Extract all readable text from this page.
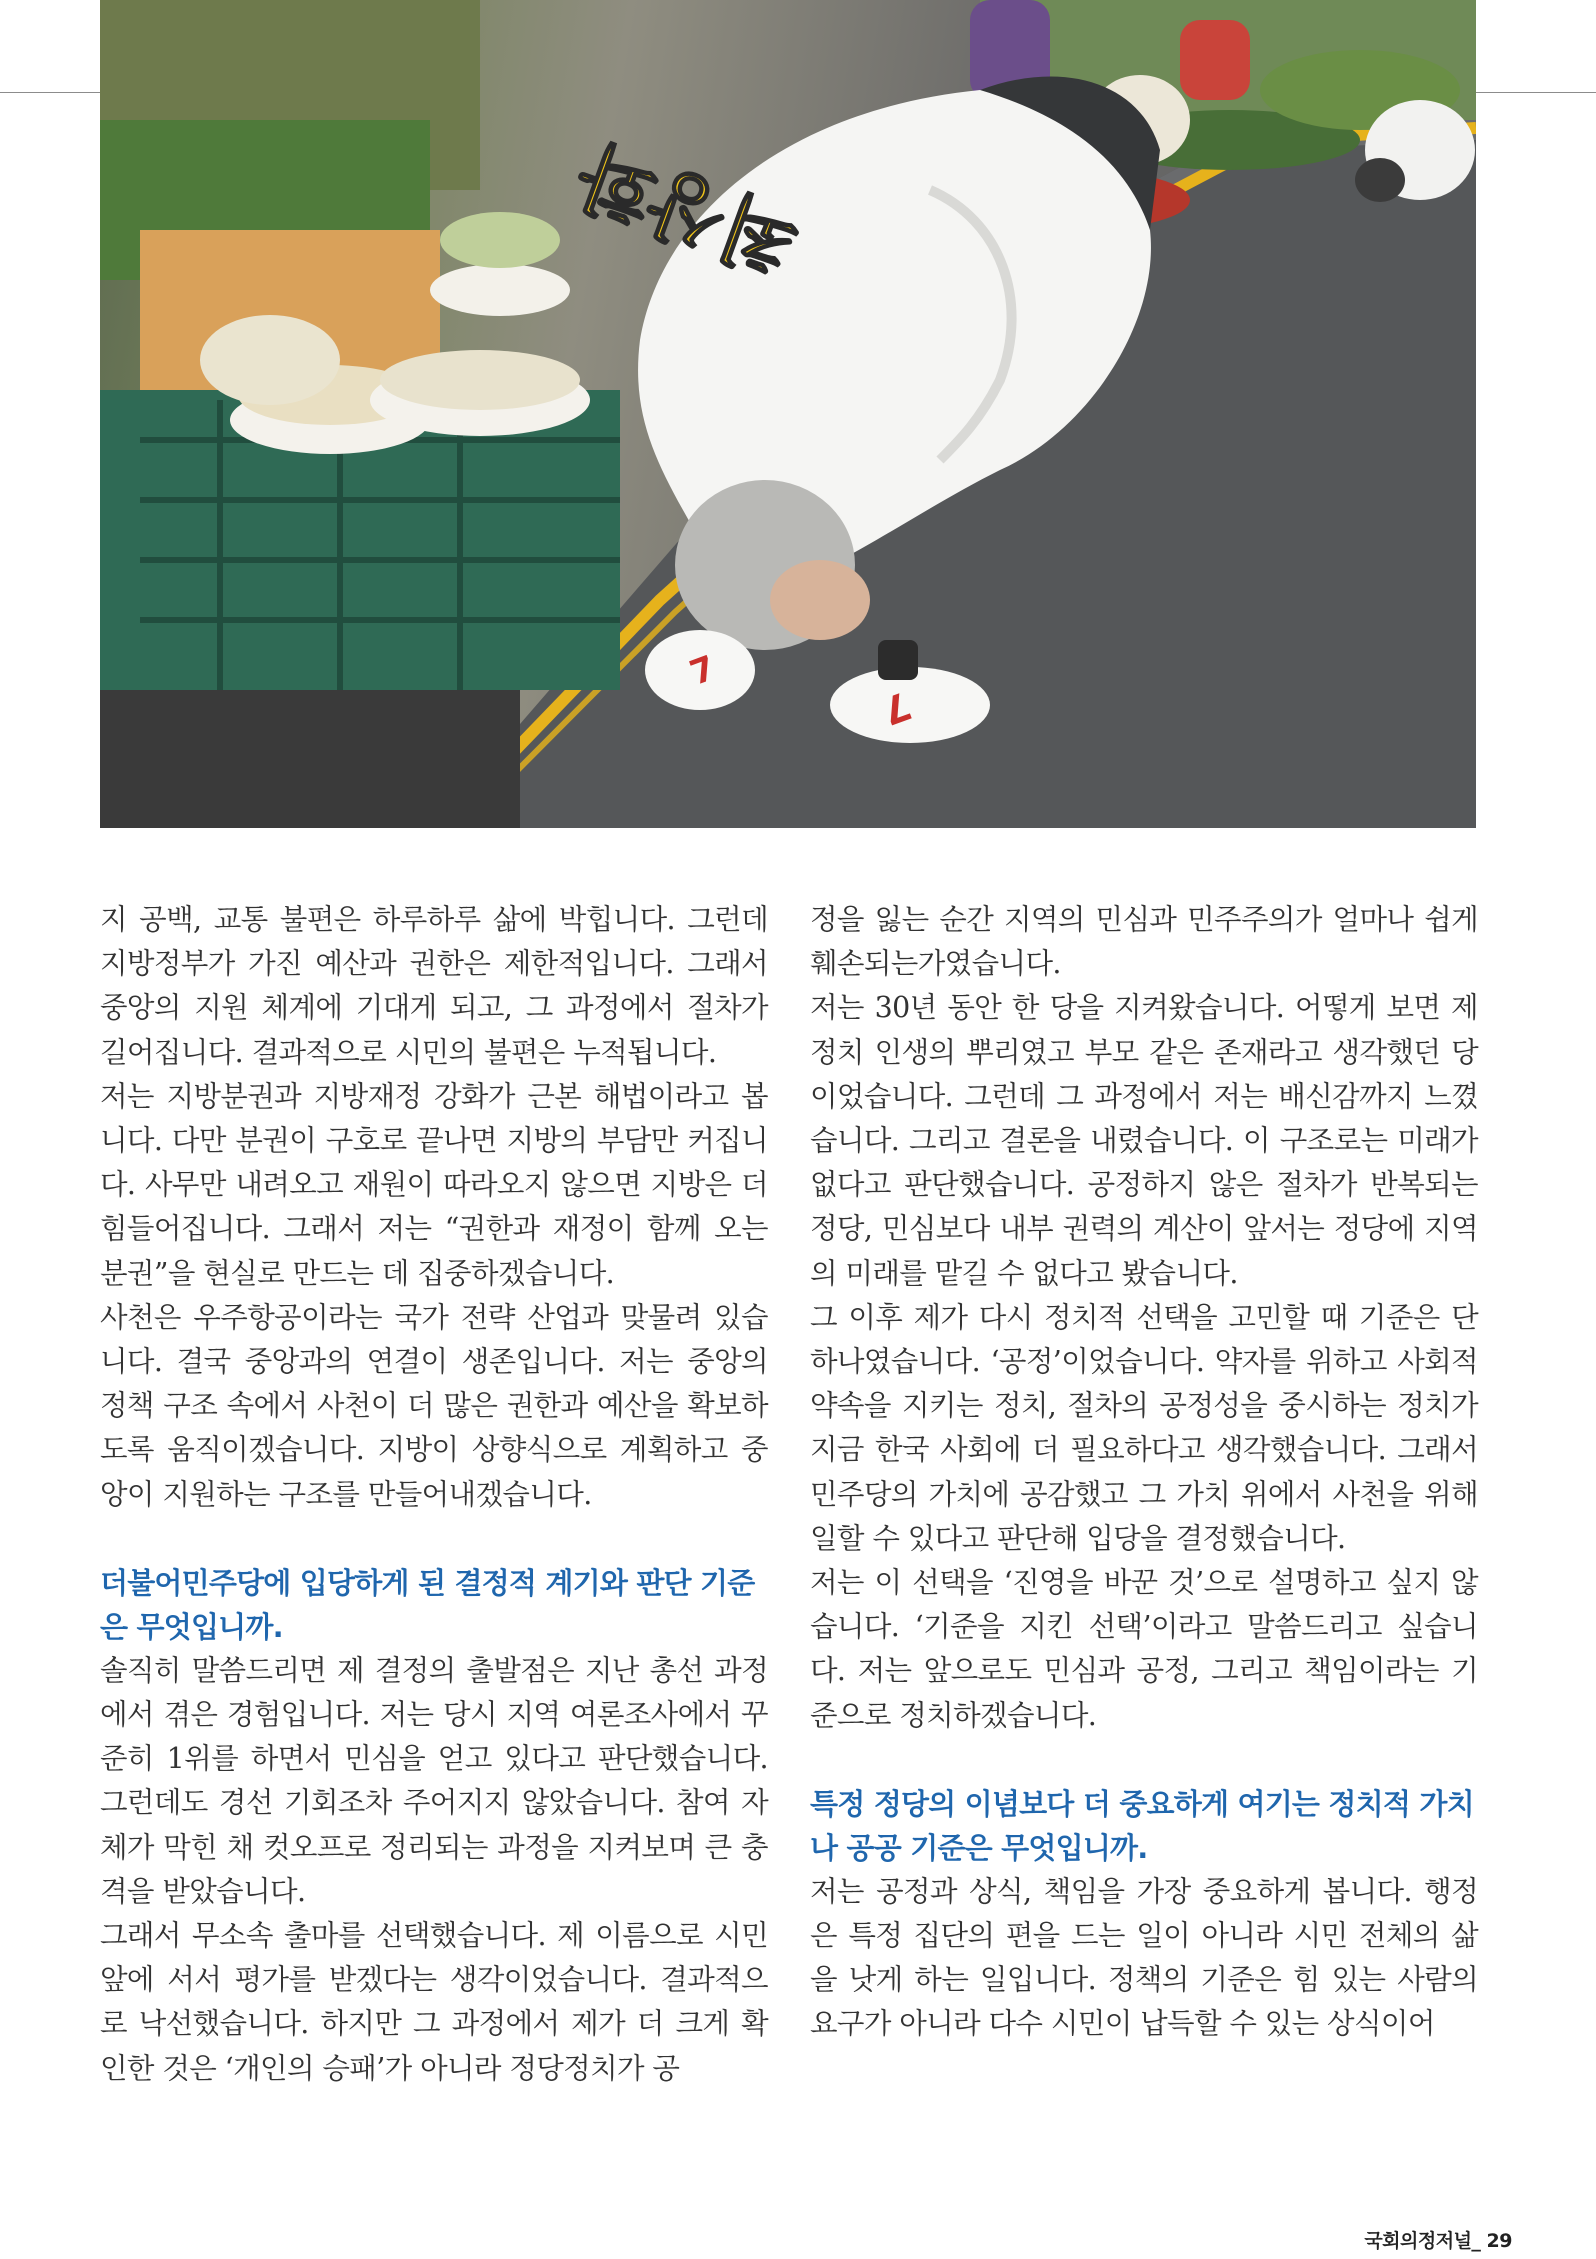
최상화
7
7

지 공백, 교통 불편은 하루하루 삶에 박힙니다. 그런데 지방정부가 가진 예산과 권한은 제한적입니다. 그래서 중앙의 지원 체계에 기대게 되고, 그 과정에서 절차가 길어집니다. 결과적으로 시민의 불편은 누적됩니다.

저는 지방분권과 지방재정 강화가 근본 해법이라고 봅니다. 다만 분권이 구호로 끝나면 지방의 부담만 커집니다. 사무만 내려오고 재원이 따라오지 않으면 지방은 더 힘들어집니다. 그래서 저는 “권한과 재정이 함께 오는 분권”을 현실로 만드는 데 집중하겠습니다.

사천은 우주항공이라는 국가 전략 산업과 맞물려 있습니다. 결국 중앙과의 연결이 생존입니다. 저는 중앙의 정책 구조 속에서 사천이 더 많은 권한과 예산을 확보하도록 움직이겠습니다. 지방이 상향식으로 계획하고 중앙이 지원하는 구조를 만들어내겠습니다.

더불어민주당에 입당하게 된 결정적 계기와 판단 기준은 무엇입니까.

솔직히 말씀드리면 제 결정의 출발점은 지난 총선 과정에서 겪은 경험입니다. 저는 당시 지역 여론조사에서 꾸준히 1위를 하면서 민심을 얻고 있다고 판단했습니다. 그런데도 경선 기회조차 주어지지 않았습니다. 참여 자체가 막힌 채 컷오프로 정리되는 과정을 지켜보며 큰 충격을 받았습니다.

그래서 무소속 출마를 선택했습니다. 제 이름으로 시민 앞에 서서 평가를 받겠다는 생각이었습니다. 결과적으로 낙선했습니다. 하지만 그 과정에서 제가 더 크게 확인한 것은 ‘개인의 승패’가 아니라 정당정치가 공

정을 잃는 순간 지역의 민심과 민주주의가 얼마나 쉽게 훼손되는가였습니다.

저는 30년 동안 한 당을 지켜왔습니다. 어떻게 보면 제 정치 인생의 뿌리였고 부모 같은 존재라고 생각했던 당이었습니다. 그런데 그 과정에서 저는 배신감까지 느꼈습니다. 그리고 결론을 내렸습니다. 이 구조로는 미래가 없다고 판단했습니다. 공정하지 않은 절차가 반복되는 정당, 민심보다 내부 권력의 계산이 앞서는 정당에 지역의 미래를 맡길 수 없다고 봤습니다.

그 이후 제가 다시 정치적 선택을 고민할 때 기준은 단 하나였습니다. ‘공정’이었습니다. 약자를 위하고 사회적 약속을 지키는 정치, 절차의 공정성을 중시하는 정치가 지금 한국 사회에 더 필요하다고 생각했습니다. 그래서 민주당의 가치에 공감했고 그 가치 위에서 사천을 위해 일할 수 있다고 판단해 입당을 결정했습니다.

저는 이 선택을 ‘진영을 바꾼 것’으로 설명하고 싶지 않습니다. ‘기준을 지킨 선택’이라고 말씀드리고 싶습니다. 저는 앞으로도 민심과 공정, 그리고 책임이라는 기준으로 정치하겠습니다.

특정 정당의 이념보다 더 중요하게 여기는 정치적 가치나 공공 기준은 무엇입니까.

저는 공정과 상식, 책임을 가장 중요하게 봅니다. 행정은 특정 집단의 편을 드는 일이 아니라 시민 전체의 삶을 낫게 하는 일입니다. 정책의 기준은 힘 있는 사람의 요구가 아니라 다수 시민이 납득할 수 있는 상식이어

국회의정저널_ 29
